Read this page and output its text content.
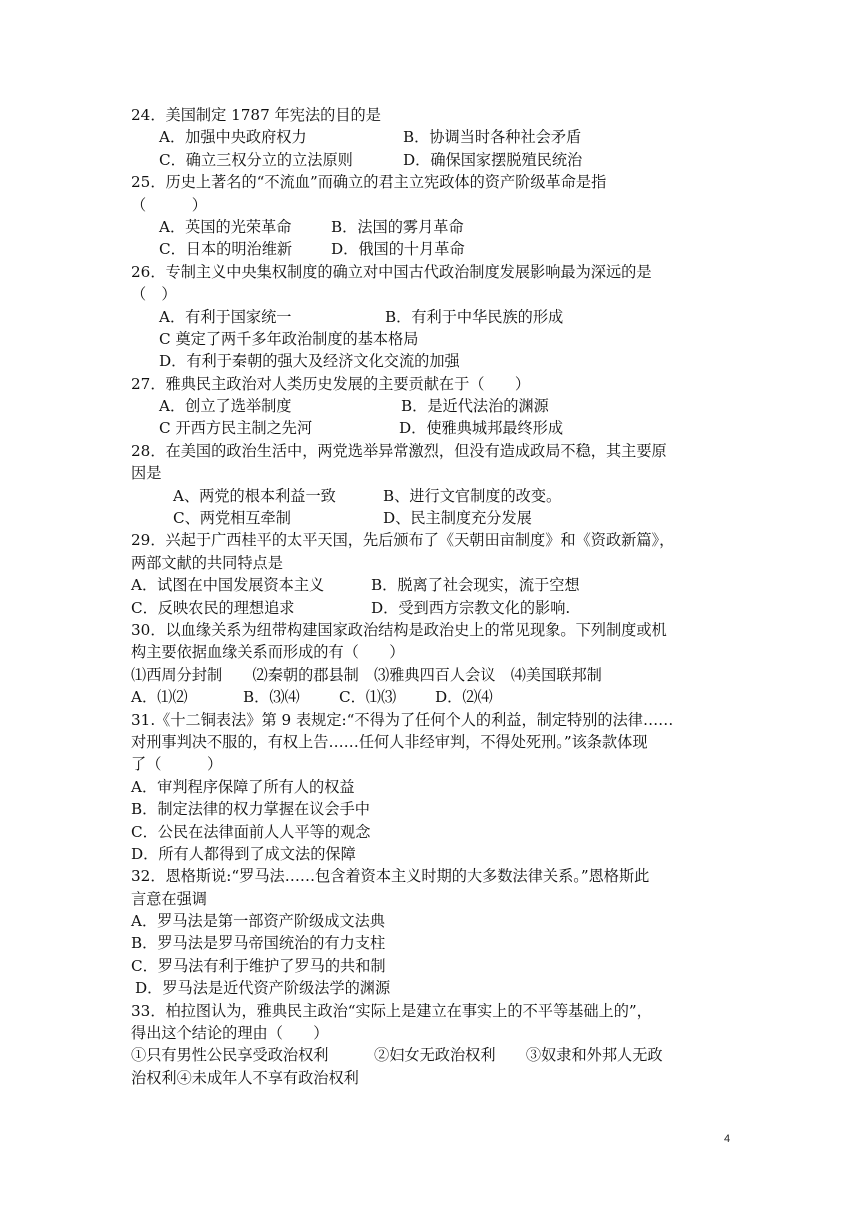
24．美国制定 1787 年宪法的目的是
A．加强中央政府权力	B．协调当时各种社会矛盾
C．确立三权分立的立法原则	D．确保国家摆脱殖民统治
25．历史上著名的“不流血”而确立的君主立宪政体的资产阶级革命是指
（　　　）
A．英国的光荣革命	B．法国的雾月革命
C．日本的明治维新	D．俄国的十月革命
26．专制主义中央集权制度的确立对中国古代政治制度发展影响最为深远的是
（　）
A．有利于国家统一	B．有利于中华民族的形成
C 奠定了两千多年政治制度的基本格局
D．有利于秦朝的强大及经济文化交流的加强
27．雅典民主政治对人类历史发展的主要贡献在于（　　）
A．创立了选举制度	B．是近代法治的渊源
C 开西方民主制之先河	D．使雅典城邦最终形成
28．在美国的政治生活中，两党选举异常激烈，但没有造成政局不稳，其主要原
因是
A、两党的根本利益一致	B、进行文官制度的改变。
C、两党相互牵制	D、民主制度充分发展
29．兴起于广西桂平的太平天国，先后颁布了《天朝田亩制度》和《资政新篇》，
两部文献的共同特点是
A．试图在中国发展资本主义	B．脱离了社会现实，流于空想
C．反映农民的理想追求	D．受到西方宗教文化的影响.
30．以血缘关系为纽带构建国家政治结构是政治史上的常见现象。下列制度或机
构主要依据血缘关系而形成的有（　　）
⑴西周分封制　　⑵秦朝的郡县制　⑶雅典四百人会议　⑷美国联邦制
A．⑴⑵	B．⑶⑷	C．⑴⑶	D．⑵⑷
31.《十二铜表法》第 9 表规定:“不得为了任何个人的利益，制定特别的法律……
对刑事判决不服的，有权上告……任何人非经审判，不得处死刑。”该条款体现
了（　　　）
A．审判程序保障了所有人的权益
B．制定法律的权力掌握在议会手中
C．公民在法律面前人人平等的观念
D．所有人都得到了成文法的保障
32．恩格斯说:“罗马法……包含着资本主义时期的大多数法律关系。”恩格斯此
言意在强调
A．罗马法是第一部资产阶级成文法典
B．罗马法是罗马帝国统治的有力支柱
C．罗马法有利于维护了罗马的共和制
D．罗马法是近代资产阶级法学的渊源
33．柏拉图认为，雅典民主政治“实际上是建立在事实上的不平等基础上的”，
得出这个结论的理由（　　）
①只有男性公民享受政治权利　　　②妇女无政治权利　　③奴隶和外邦人无政
治权利④未成年人不享有政治权利
4
